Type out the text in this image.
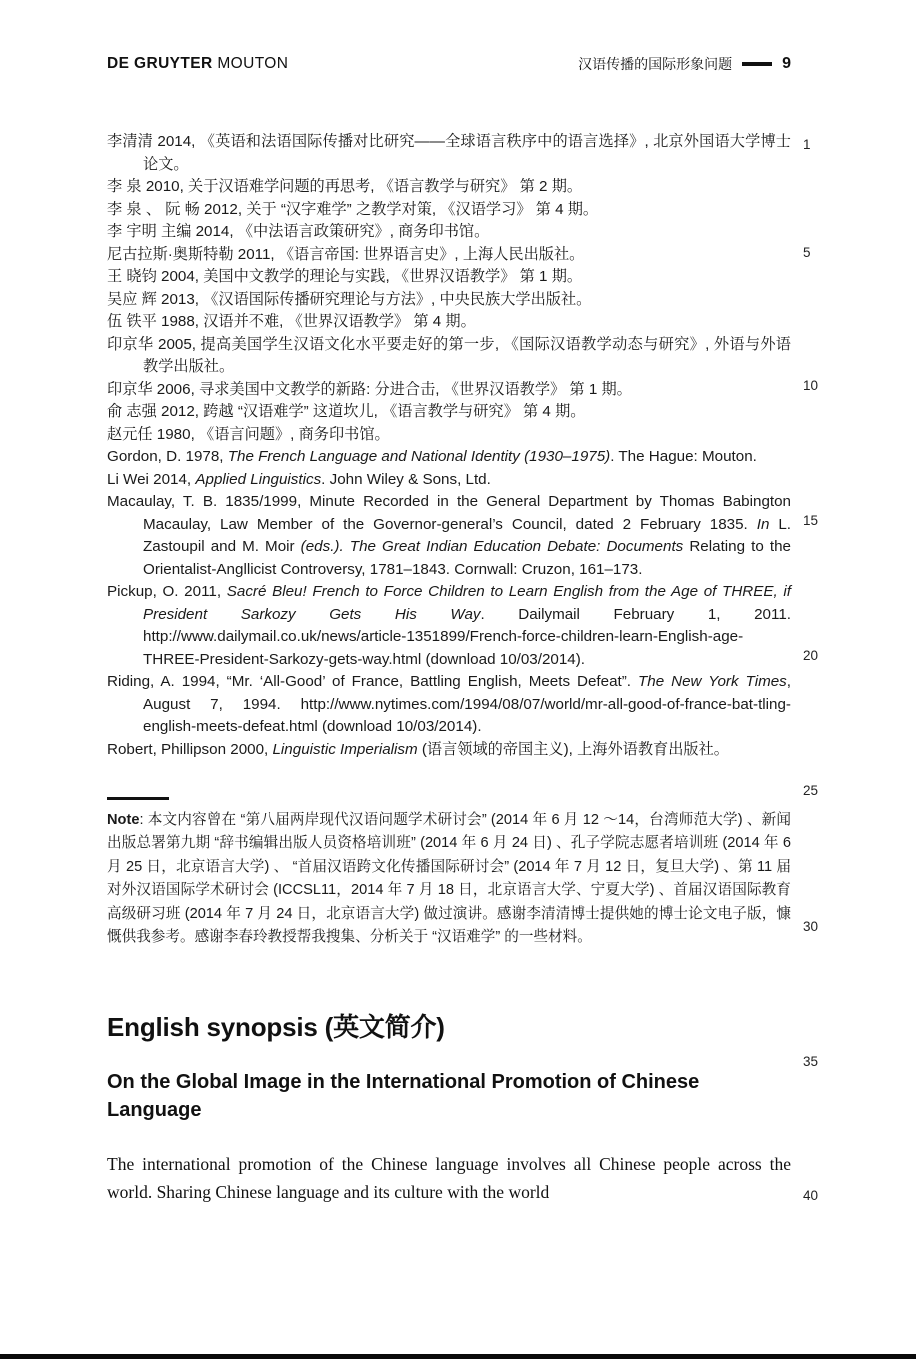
DE GRUYTER MOUTON	汉语传播的国际形象问题	9
1
5
10
15
20
25
30
35
40

李清清 2014, 《英语和法语国际传播对比研究——全球语言秩序中的语言选择》, 北京外国语大学博士论文。

李 泉 2010, 关于汉语难学问题的再思考, 《语言教学与研究》 第 2 期。

李 泉 、 阮 畅 2012, 关于 “汉字难学” 之教学对策, 《汉语学习》 第 4 期。

李 宇明 主编 2014, 《中法语言政策研究》, 商务印书馆。

尼古拉斯·奥斯特勒 2011, 《语言帝国: 世界语言史》, 上海人民出版社。

王 晓钧 2004, 美国中文教学的理论与实践, 《世界汉语教学》 第 1 期。

吴应 辉 2013, 《汉语国际传播研究理论与方法》, 中央民族大学出版社。

伍 铁平 1988, 汉语并不难, 《世界汉语教学》 第 4 期。

印京华 2005, 提高美国学生汉语文化水平要走好的第一步, 《国际汉语教学动态与研究》, 外语与外语教学出版社。

印京华 2006, 寻求美国中文教学的新路: 分进合击, 《世界汉语教学》 第 1 期。

俞 志强 2012, 跨越 “汉语难学” 这道坎儿, 《语言教学与研究》 第 4 期。

赵元任 1980, 《语言问题》, 商务印书馆。

Gordon, D. 1978, The French Language and National Identity (1930–1975). The Hague: Mouton.

Li Wei 2014, Applied Linguistics. John Wiley & Sons, Ltd.

Macaulay, T. B. 1835/1999, Minute Recorded in the General Department by Thomas Babington Macaulay, Law Member of the Governor-general’s Council, dated 2 February 1835. In L. Zastoupil and M. Moir (eds.). The Great Indian Education Debate: Documents Relating to the Orientalist-Angllicist Controversy, 1781–1843. Cornwall: Cruzon, 161–173.

Pickup, O. 2011, Sacré Bleu! French to Force Children to Learn English from the Age of THREE, if President Sarkozy Gets His Way. Dailymail February 1, 2011. http://www.dailymail.co.uk/news/article-1351899/French-force-children-learn-English-age-THREE-President-Sarkozy-gets-way.html (download 10/03/2014).

Riding, A. 1994, “Mr. ‘All-Good’ of France, Battling English, Meets Defeat”. The New York Times, August 7, 1994. http://www.nytimes.com/1994/08/07/world/mr-all-good-of-france-bat-tling-english-meets-defeat.html (download 10/03/2014).

Robert, Phillipson 2000, Linguistic Imperialism (语言领域的帝国主义), 上海外语教育出版社。

Note: 本文内容曾在 “第八届两岸现代汉语问题学术研讨会” (2014 年 6 月 12 ～14，台湾师范大学) 、新闻出版总署第九期 “辞书编辑出版人员资格培训班” (2014 年 6 月 24 日) 、孔子学院志愿者培训班 (2014 年 6 月 25 日，北京语言大学) 、 “首届汉语跨文化传播国际研讨会” (2014 年 7 月 12 日，复旦大学) 、第 11 届对外汉语国际学术研讨会 (ICCSL11，2014 年 7 月 18 日，北京语言大学、宁夏大学) 、首届汉语国际教育高级研习班 (2014 年 7 月 24 日，北京语言大学) 做过演讲。感谢李清清博士提供她的博士论文电子版，慷慨供我参考。感谢李春玲教授帮我搜集、分析关于 “汉语难学” 的一些材料。

English synopsis (英文简介)
On the Global Image in the International Promotion of Chinese Language

The international promotion of the Chinese language involves all Chinese people across the world. Sharing Chinese language and its culture with the world
